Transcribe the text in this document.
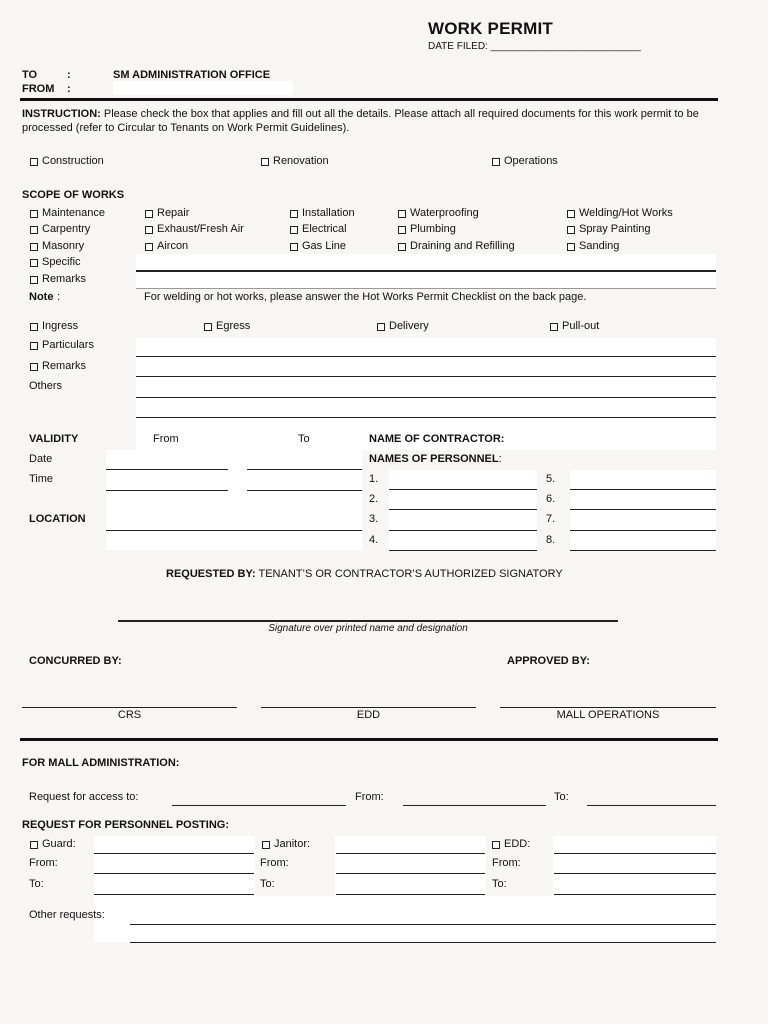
WORK PERMIT
DATE FILED: ___________________________
TO	:	SM ADMINISTRATION OFFICE
FROM :
INSTRUCTION: Please check the box that applies and fill out all the details. Please attach all required documents for this work permit to be processed (refer to Circular to Tenants on Work Permit Guidelines).
Construction	Renovation	Operations
SCOPE OF WORKS
Maintenance	Repair	Installation	Waterproofing	Welding/Hot Works
Carpentry	Exhaust/Fresh Air	Electrical	Plumbing	Spray Painting
Masonry	Aircon	Gas Line	Draining and Refilling	Sanding
Specific
Remarks
Note :	For welding or hot works, please answer the Hot Works Permit Checklist on the back page.
Ingress	Egress	Delivery	Pull-out
Particulars
Remarks
Others
VALIDITY	From	To	NAME OF CONTRACTOR:
NAMES OF PERSONNEL:
Date
Time
LOCATION
1.
2.
3.
4.
5.
6.
7.
8.
REQUESTED BY: TENANT’S OR CONTRACTOR’S AUTHORIZED SIGNATORY
Signature over printed name and designation
CONCURRED BY:	APPROVED BY:
CRS	EDD	MALL OPERATIONS
FOR MALL ADMINISTRATION:
Request for access to:	From:	To:
REQUEST FOR PERSONNEL POSTING:
Guard:	Janitor:	EDD:
From:	From:	From:
To:	To:	To:
Other requests:
